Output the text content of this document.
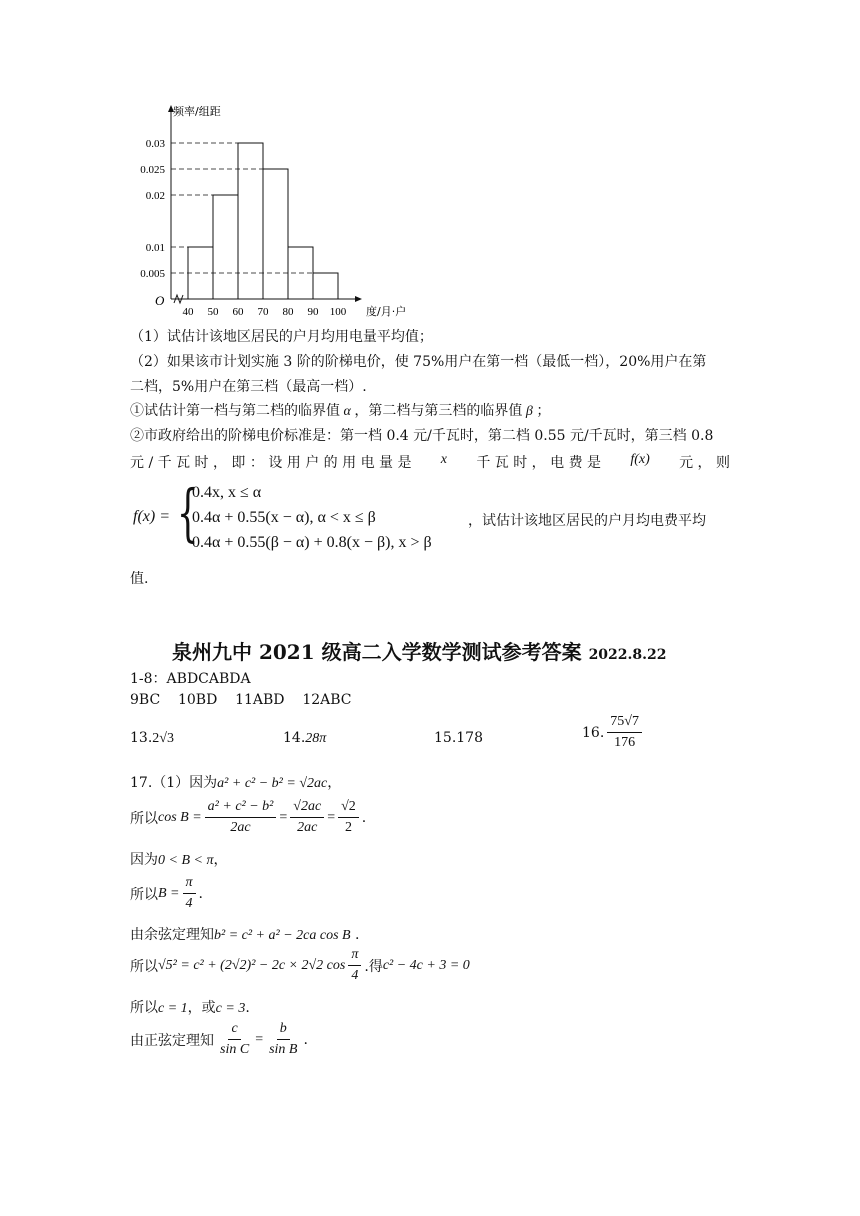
0.005
0.01
0.02
0.025
0.03
40 50 60 70 80 90 100
O
频率/组距
度/月·户
（1）试估计该地区居民的户月均用电量平均值；
（2）如果该市计划实施 3 阶的阶梯电价，使 75%用户在第一档（最低一档），20%用户在第
二档，5%用户在第三档（最高一档）.
①试估计第一档与第二档的临界值 α ，第二档与第三档的临界值 β ；
②市政府给出的阶梯电价标准是：第一档 0.4 元/千瓦时，第二档 0.55 元/千瓦时，第三档 0.8
元 / 千 瓦 时 ， 即 ： 设 用 户 的 用 电 量 是 x 千 瓦 时 ， 电 费 是 f(x) 元 ， 则
f(x) = {
0.4x, x ≤ α
0.4α + 0.55(x − α), α < x ≤ β
0.4α + 0.55(β − α) + 0.8(x − β), x > β
，试估计该地区居民的户月均电费平均
值.
泉州九中 2021 级高二入学数学测试参考答案 2022.8.22
1-8：ABDCABDA
9BC    10BD    11ABD    12ABC
13.2√3	14.28π	15.178	16. $\frac{75√7}{176}$
17.（1）因为a² + c² − b² = √2ac，
所以 $\cos B = \frac{\text{a² + c² − b²}}{2ac} = \frac{√2ac}{2ac} = \frac{√2}{2}$ .
因为0 < B < π，
所以 $B = \frac{\pi}{4}$ .
由余弦定理知b² = c² + a² − 2ca cos B .
所以 √5² = c² + (2√2)² − 2c × 2√2 $\cos \frac{\pi}{4}$ .得 c² − 4c + 3 = 0
所以c = 1，或c = 3.
由正弦定理知 $\frac{c}{\text{sin C}} = \frac{b}{\text{sin B}}$ .
